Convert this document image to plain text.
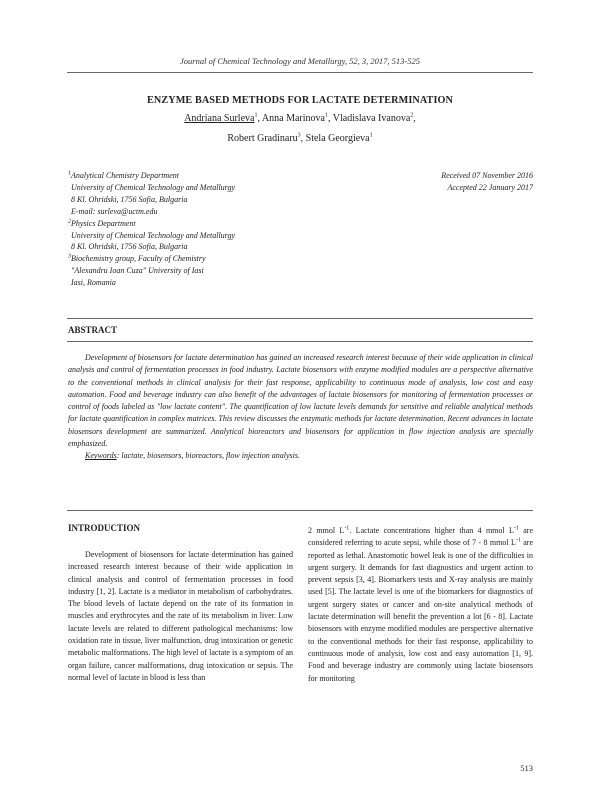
Journal of Chemical Technology and Metallurgy, 52, 3, 2017, 513-525
ENZYME BASED METHODS FOR LACTATE DETERMINATION
Andriana Surleva$^1$, Anna Marinova$^1$, Vladislava Ivanova$^2$,
Robert Gradinaru$^3$, Stela Georgieva$^1$
$^1$Analytical Chemistry Department
University of Chemical Technology and Metallurgy
8 Kl. Ohridski, 1756 Sofia, Bulgaria
E-mail: surleva@uctm.edu
$^2$Physics Department
University of Chemical Technology and Metallurgy
8 Kl. Ohridski, 1756 Sofia, Bulgaria
$^3$Biochemistry group, Faculty of Chemistry
"Alexandru Ioan Cuza" University of Iasi
Iasi, Romania
Received 07 November 2016
Accepted 22 January 2017
ABSTRACT

Development of biosensors for lactate determination has gained an increased research interest because of their wide application in clinical analysis and control of fermentation processes in food industry. Lactate biosensors with enzyme modified modules are a perspective alternative to the conventional methods in clinical analysis for their fast response, applicability to continuous mode of analysis, low cost and easy automation. Food and beverage industry can also benefit of the advantages of lactate biosensors for monitoring of fermentation processes or control of foods labeled as "low lactate content". The quantification of low lactate levels demands for sensitive and reliable analytical methods for lactate quantification in complex matrices. This review discusses the enzymatic methods for lactate determination. Recent advances in lactate biosensors development are summarized. Analytical bioreactors and biosensors for application in flow injection analysis are specially emphasized.

Keywords: lactate, biosensors, bioreactors, flow injection analysis.

INTRODUCTION

Development of biosensors for lactate determination has gained increased research interest because of their wide application in clinical analysis and control of fermentation processes in food industry [1, 2]. Lactate is a mediator in metabolism of carbohydrates. The blood levels of lactate depend on the rate of its formation in muscles and erythrocytes and the rate of its metabolism in liver. Low lactate levels are related to different pathological mechanisms: low oxidation rate in tissue, liver malfunction, drug intoxication or genetic metabolic malformations. The high level of lactate is a symptom of an organ failure, cancer malformations, drug intoxication or sepsis. The normal level of lactate in blood is less than

2 mmol $L^{-1}$. Lactate concentrations higher than 4 mmol $L^{-1}$ are considered referring to acute sepsi, while those of 7 - 8 mmol $L^{-1}$ are reported as lethal. Anastomotic bowel leak is one of the difficulties in urgent surgery. It demands for fast diagnostics and urgent action to prevent sepsis [3, 4]. Biomarkers tests and X-ray analysis are mainly used [5]. The lactate level is one of the biomarkers for diagnostics of urgent surgery states or cancer and on-site analytical methods of lactate determination will benefit the prevention a lot [6 - 8]. Lactate biosensors with enzyme modified modules are perspective alternative to the conventional methods for their fast response, applicability to continuous mode of analysis, low cost and easy automation [1, 9]. Food and beverage industry are commonly using lactate biosensors for monitoring

513
